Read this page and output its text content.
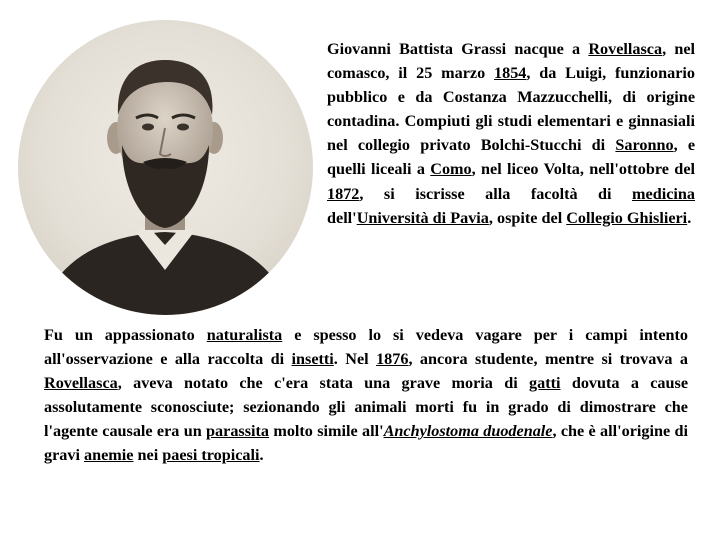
Giovanni Battista Grassi nacque a Rovellasca, nel comasco, il 25 marzo 1854, da Luigi, funzionario pubblico e da Costanza Mazzucchelli, di origine contadina. Compiuti gli studi elementari e ginnasiali nel collegio privato Bolchi-Stucchi di Saronno, e quelli liceali a Como, nel liceo Volta, nell'ottobre del 1872, si iscrisse alla facoltà di medicina dell'Università di Pavia, ospite del Collegio Ghislieri.
Fu un appassionato naturalista e spesso lo si vedeva vagare per i campi intento all'osservazione e alla raccolta di insetti. Nel 1876, ancora studente, mentre si trovava a Rovellasca, aveva notato che c'era stata una grave moria di gatti dovuta a cause assolutamente sconosciute; sezionando gli animali morti fu in grado di dimostrare che l'agente causale era un parassita molto simile all'Anchylostoma duodenale, che è all'origine di gravi anemie nei paesi tropicali.
